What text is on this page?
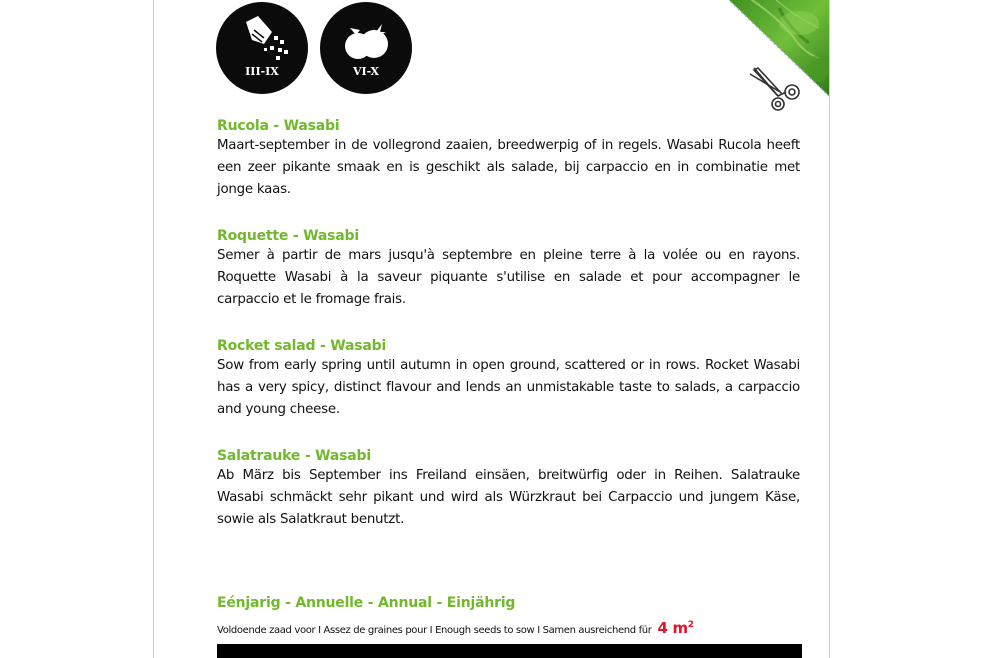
III-IX	VI-X
Rucola - Wasabi

Maart-september in de vollegrond zaaien, breedwerpig of in regels. Wasabi Rucola heeft een zeer pikante smaak en is geschikt als salade, bij carpaccio en in combinatie met jonge kaas.

Roquette - Wasabi

Semer à partir de mars jusqu'à septembre en pleine terre à la volée ou en rayons. Roquette Wasabi à la saveur piquante s'utilise en salade et pour accompagner le carpaccio et le fromage frais.

Rocket salad - Wasabi

Sow from early spring until autumn in open ground, scattered or in rows. Rocket Wasabi has a very spicy, distinct flavour and lends an unmistakable taste to salads, a carpaccio and young cheese.

Salatrauke - Wasabi

Ab März bis September ins Freiland einsäen, breitwürfig oder in Reihen. Salatrauke Wasabi schmäckt sehr pikant und wird als Würzkraut bei Carpaccio und jungem Käse, sowie als Salatkraut benutzt.

Eénjarig - Annuelle - Annual - Einjährig
Voldoende zaad voor I Assez de graines pour I Enough seeds to sow I Samen ausreichend für 4 $m^2$
